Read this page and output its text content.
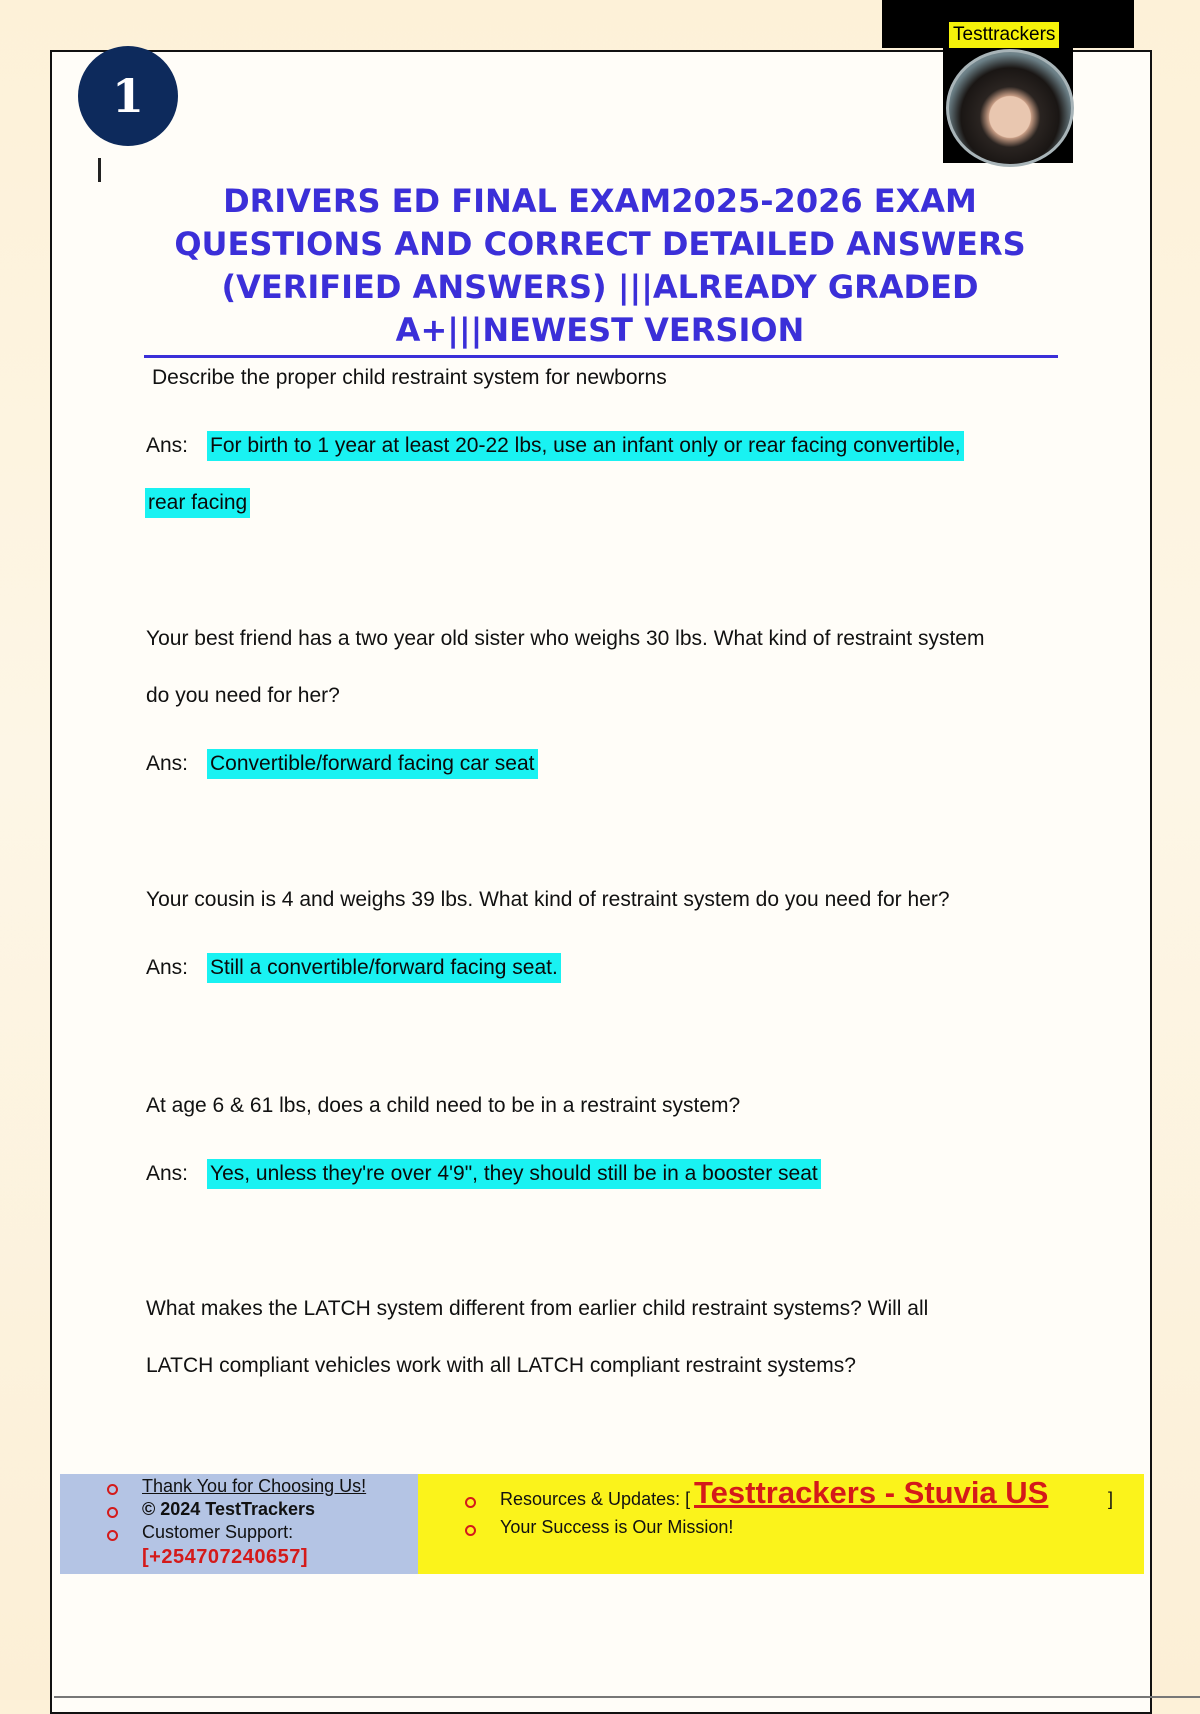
Testtrackers
1
DRIVERS ED FINAL EXAM2025-2026 EXAM QUESTIONS AND CORRECT DETAILED ANSWERS (VERIFIED ANSWERS) |||ALREADY GRADED A+|||NEWEST VERSION

Describe the proper child restraint system for newborns

Ans: For birth to 1 year at least 20-22 lbs, use an infant only or rear facing convertible,
rear facing

Your best friend has a two year old sister who weighs 30 lbs. What kind of restraint system

do you need for her?

Ans: Convertible/forward facing car seat

Your cousin is 4 and weighs 39 lbs. What kind of restraint system do you need for her?

Ans: Still a convertible/forward facing seat.

At age 6 & 61 lbs, does a child need to be in a restraint system?

Ans: Yes, unless they're over 4'9", they should still be in a booster seat

What makes the LATCH system different from earlier child restraint systems? Will all

LATCH compliant vehicles work with all LATCH compliant restraint systems?

Thank You for Choosing Us!
© 2024 TestTrackers
Customer Support:
[+254707240657]
Resources & Updates: [ Testtrackers - Stuvia US	]
Your Success is Our Mission!
